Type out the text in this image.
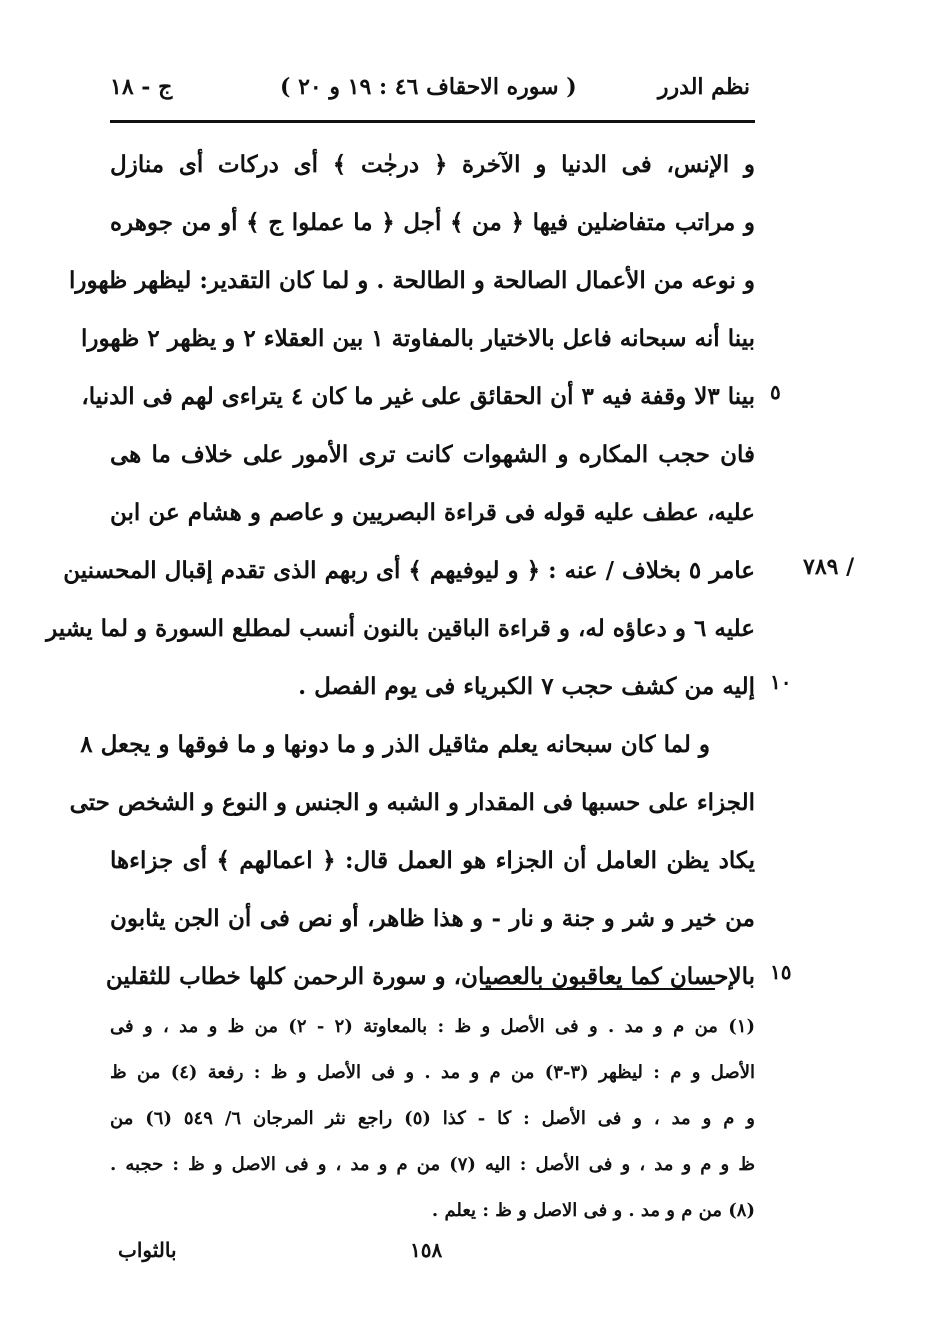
نظم الدرر
( سوره الاحقاف ٤٦ : ١٩ و ٢٠ )
ج - ١٨
و الإنس، فى الدنيا و الآخرة ﴿ درجٰت ﴾ أى دركات أى منازل
و مراتب متفاضلين فيها ﴿ من ﴾ أجل ﴿ ما عملوا ج ﴾ أو من جوهره
و نوعه من الأعمال الصالحة و الطالحة . و لما كان التقدير: ليظهر ظهورا
بينا أنه سبحانه فاعل بالاختيار بالمفاوتة ١ بين العقلاء ٢ و يظهر ٢ ظهورا
بينا ٣لا وقفة فيه ٣ أن الحقائق على غير ما كان ٤ يتراءى لهم فى الدنيا،
فان حجب المكاره و الشهوات كانت ترى الأمور على خلاف ما هى
عليه، عطف عليه قوله فى قراءة البصريين و عاصم و هشام عن ابن
عامر ٥ بخلاف / عنه : ﴿ و ليوفيهم ﴾ أى ربهم الذى تقدم إقبال المحسنين
عليه ٦ و دعاؤه له، و قراءة الباقين بالنون أنسب لمطلع السورة و لما يشير
إليه من كشف حجب ٧ الكبرياء فى يوم الفصل .
و لما كان سبحانه يعلم مثاقيل الذر و ما دونها و ما فوقها و يجعل ٨
الجزاء على حسبها فى المقدار و الشبه و الجنس و النوع و الشخص حتى
يكاد يظن العامل أن الجزاء هو العمل قال: ﴿ اعمالهم ﴾ أى جزاءها
من خير و شر و جنة و نار - و هذا ظاهر، أو نص فى أن الجن يثابون
بالإحسان كما يعاقبون بالعصيان، و سورة الرحمن كلها خطاب للثقلين
٥
٧٨٩ /
١٠
١٥
(١) من م و مد . و فى الأصل و ظ : بالمعاوتة (٢ - ٢) من ظ و مد ، و فى
الأصل و م : ليظهر (٣-٣) من م و مد . و فى الأصل و ظ : رفعة (٤) من ظ
و م و مد ، و فى الأصل : كا - كذا (٥) راجع نثر المرجان ٦/ ٥٤٩ (٦) من
ظ و م و مد ، و فى الأصل : اليه (٧) من م و مد ، و فى الاصل و ظ : حجبه .
(٨) من م و مد . و فى الاصل و ظ : يعلم .
١٥٨
بالثواب
